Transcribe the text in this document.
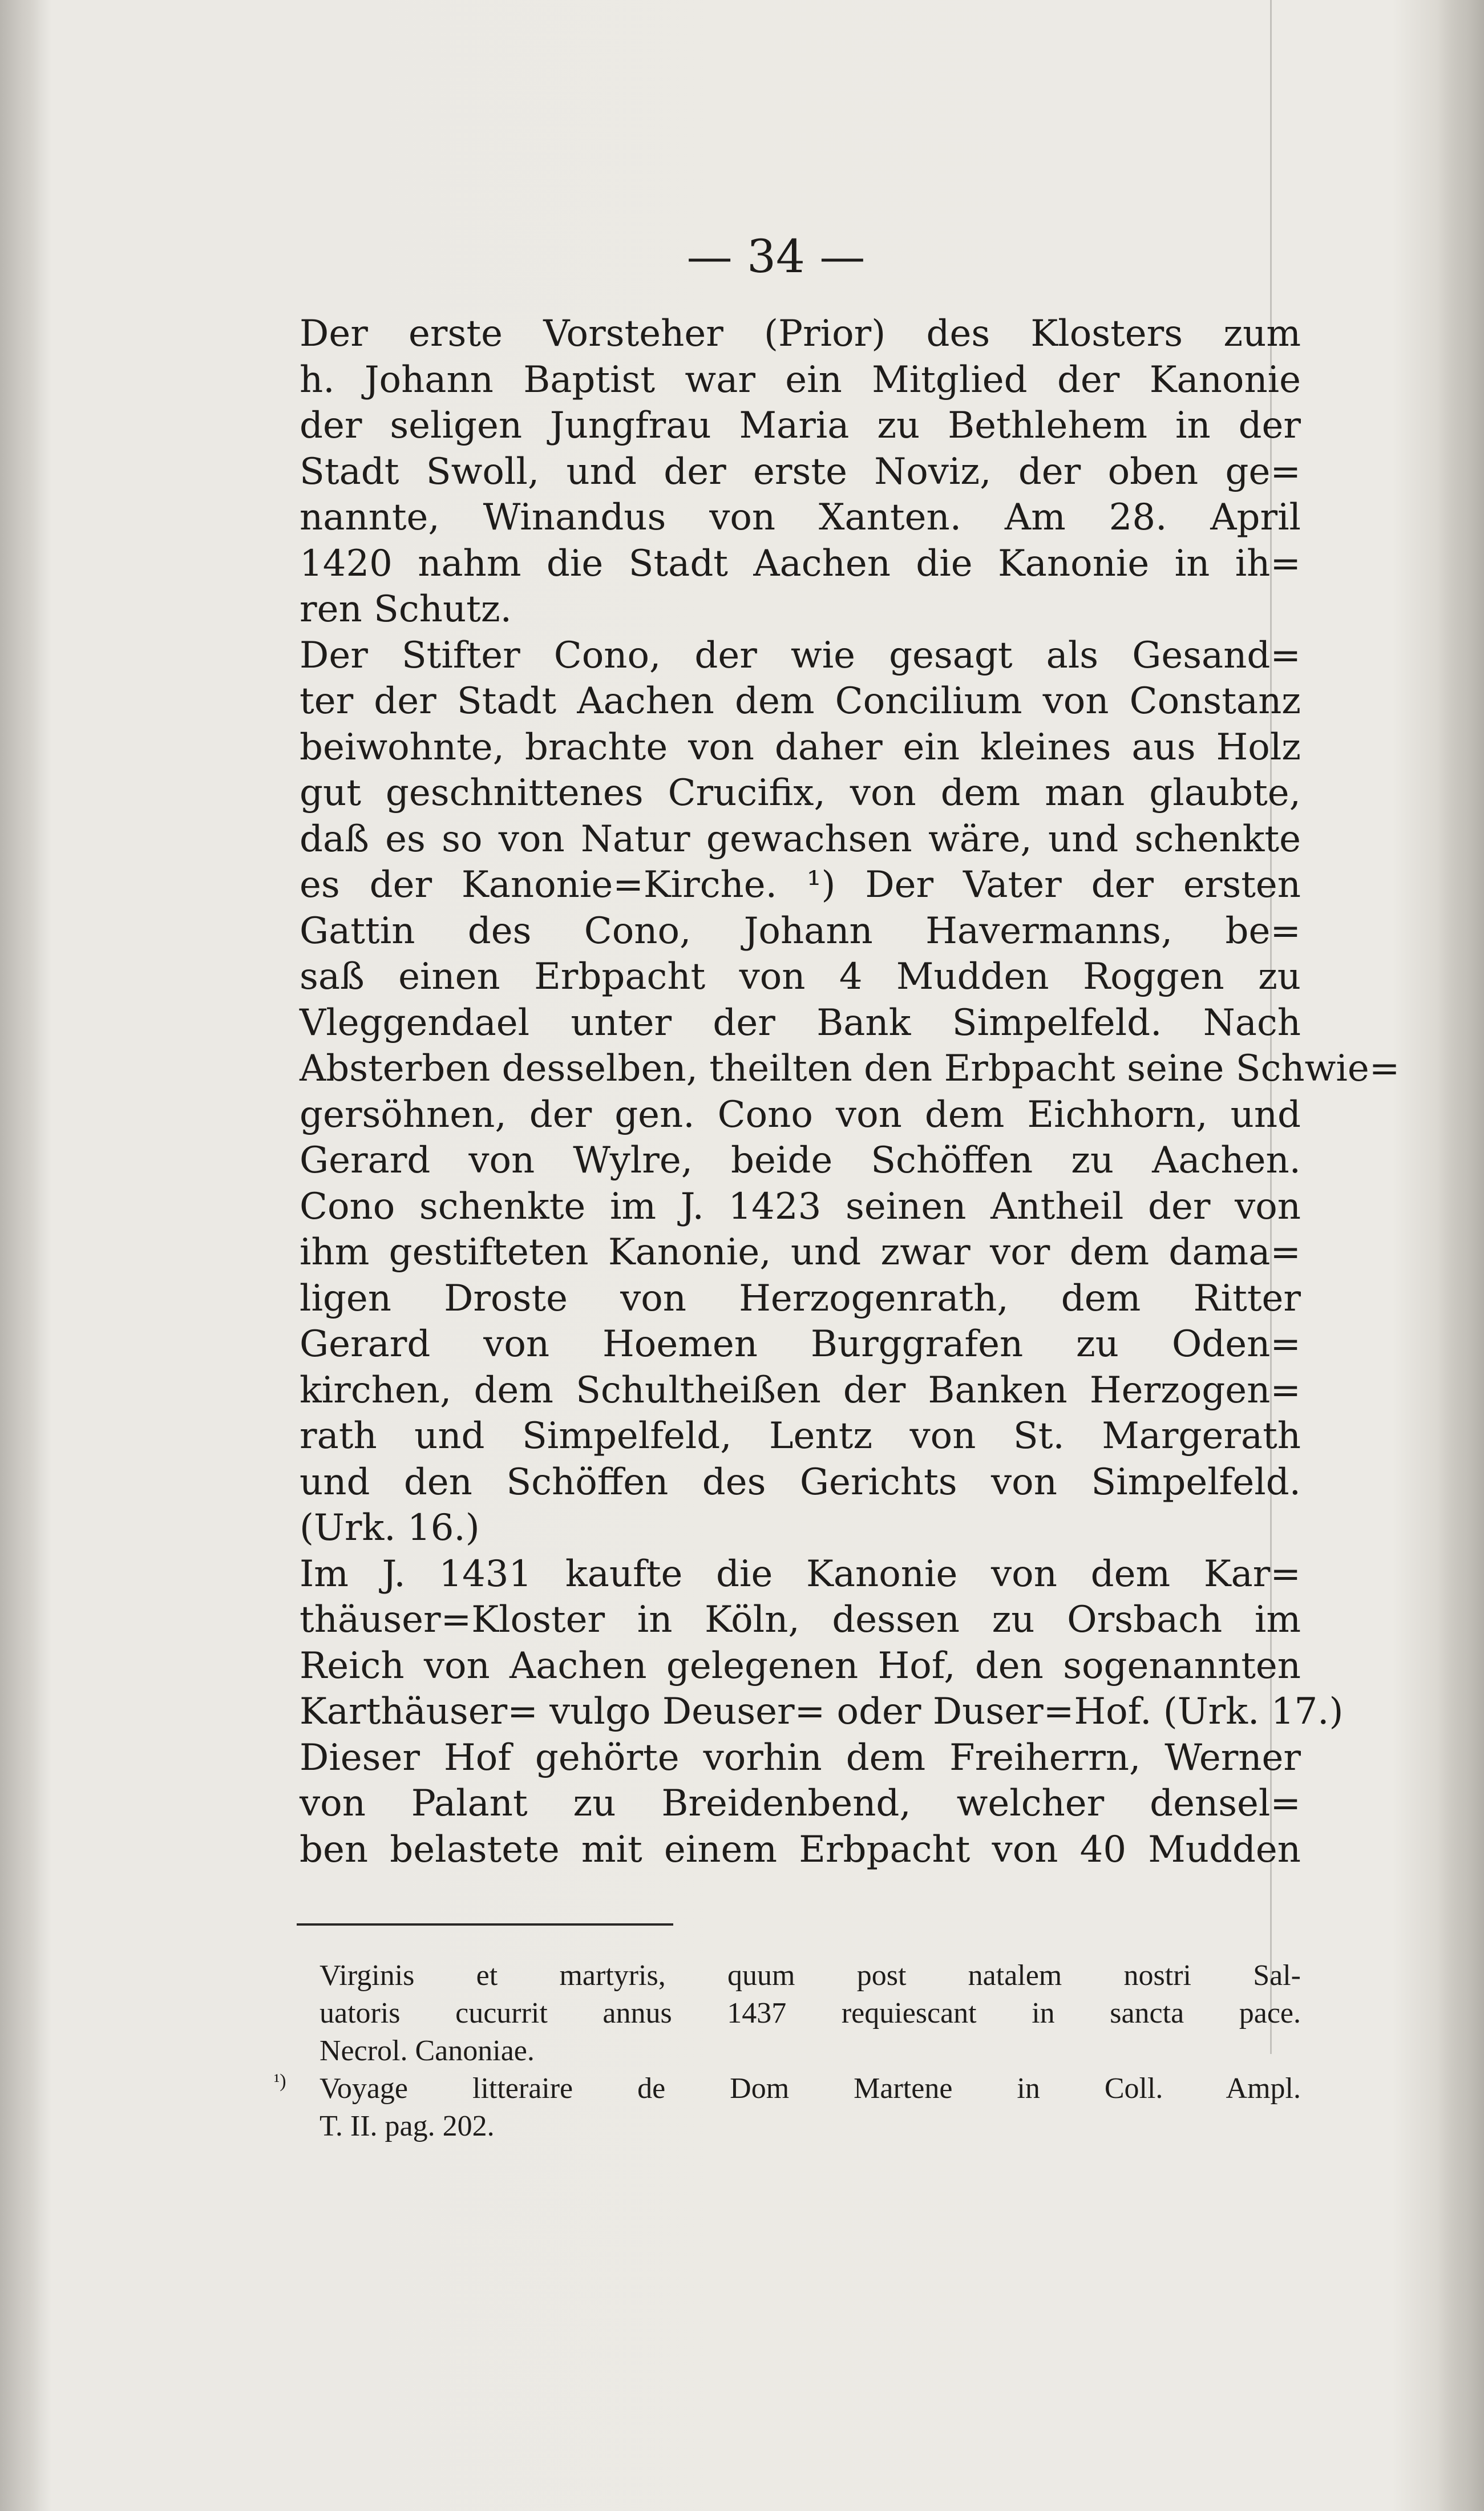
— 34 —
Der erste Vorsteher (Prior) des Klosters zum
h. Johann Baptist war ein Mitglied der Kanonie
der seligen Jungfrau Maria zu Bethlehem in der
Stadt Swoll, und der erste Noviz, der oben ge=
nannte, Winandus von Xanten. Am 28. April
1420 nahm die Stadt Aachen die Kanonie in ih=
ren Schutz.
Der Stifter Cono, der wie gesagt als Gesand=
ter der Stadt Aachen dem Concilium von Constanz
beiwohnte, brachte von daher ein kleines aus Holz
gut geschnittenes Crucifix, von dem man glaubte,
daß es so von Natur gewachsen wäre, und schenkte
es der Kanonie=Kirche. ¹) Der Vater der ersten
Gattin des Cono, Johann Havermanns, be=
saß einen Erbpacht von 4 Mudden Roggen zu
Vleggendael unter der Bank Simpelfeld. Nach
Absterben desselben, theilten den Erbpacht seine Schwie=
gersöhnen, der gen. Cono von dem Eichhorn, und
Gerard von Wylre, beide Schöffen zu Aachen.
Cono schenkte im J. 1423 seinen Antheil der von
ihm gestifteten Kanonie, und zwar vor dem dama=
ligen Droste von Herzogenrath, dem Ritter
Gerard von Hoemen Burggrafen zu Oden=
kirchen, dem Schultheißen der Banken Herzogen=
rath und Simpelfeld, Lentz von St. Margerath
und den Schöffen des Gerichts von Simpelfeld.
(Urk. 16.)
Im J. 1431 kaufte die Kanonie von dem Kar=
thäuser=Kloster in Köln, dessen zu Orsbach im
Reich von Aachen gelegenen Hof, den sogenannten
Karthäuser= vulgo Deuser= oder Duser=Hof. (Urk. 17.)
Dieser Hof gehörte vorhin dem Freiherrn, Werner
von Palant zu Breidenbend, welcher densel=
ben belastete mit einem Erbpacht von 40 Mudden
Virginis et martyris, quum post natalem nostri Sal-
uatoris cucurrit annus 1437 requiescant in sancta pace.
Necrol. Canoniae.
¹) Voyage litteraire de Dom Martene in Coll. Ampl.
T. II. pag. 202.
